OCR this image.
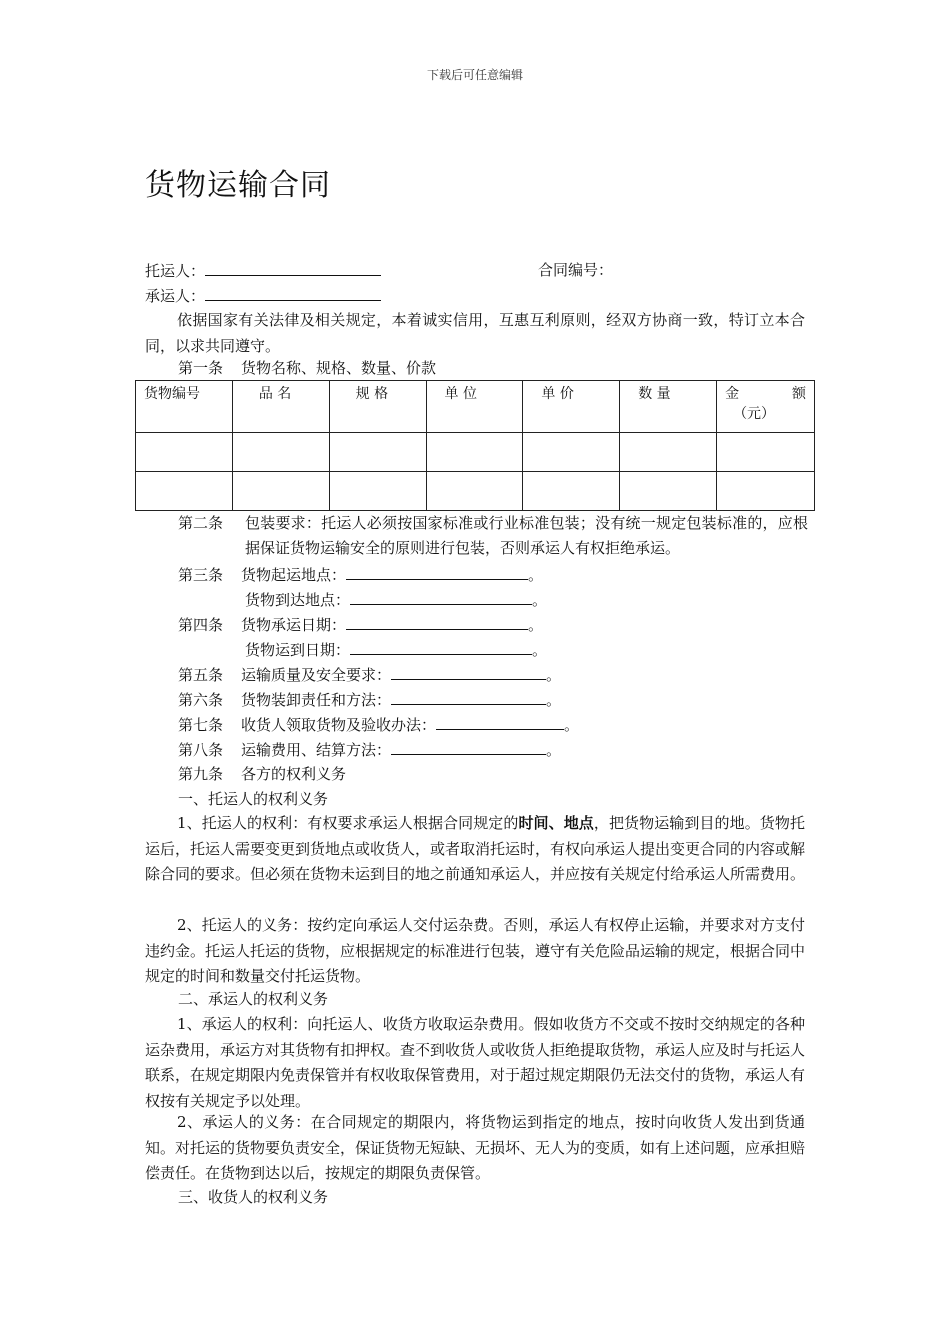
下载后可任意编辑
货物运输合同
托运人：	合同编号：
承运人：
依据国家有关法律及相关规定，本着诚实信用，互惠互利原则，经双方协商一致，特订立本合同，以求共同遵守。
第一条 货物名称、规格、数量、价款
货物编号	品 名	规 格	单 位	单 价	数 量	金 额
（元）

第二条 包装要求：托运人必须按国家标准或行业标准包装；没有统一规定包装标准的，应根据保证货物运输安全的原则进行包装，否则承运人有权拒绝承运。
第三条 货物起运地点：	。
货物到达地点：	。
第四条 货物承运日期：	。
货物运到日期：	。
第五条 运输质量及安全要求：	。
第六条 货物装卸责任和方法：	。
第七条 收货人领取货物及验收办法：	。
第八条 运输费用、结算方法：	。
第九条 各方的权利义务
一、托运人的权利义务
1、托运人的权利：有权要求承运人根据合同规定的时间、地点，把货物运输到目的地。货物托运后，托运人需要变更到货地点或收货人，或者取消托运时，有权向承运人提出变更合同的内容或解除合同的要求。但必须在货物未运到目的地之前通知承运人，并应按有关规定付给承运人所需费用。
2、托运人的义务：按约定向承运人交付运杂费。否则，承运人有权停止运输，并要求对方支付违约金。托运人托运的货物，应根据规定的标准进行包装，遵守有关危险品运输的规定，根据合同中规定的时间和数量交付托运货物。
二、承运人的权利义务
1、承运人的权利：向托运人、收货方收取运杂费用。假如收货方不交或不按时交纳规定的各种运杂费用，承运方对其货物有扣押权。查不到收货人或收货人拒绝提取货物，承运人应及时与托运人联系，在规定期限内免责保管并有权收取保管费用，对于超过规定期限仍无法交付的货物，承运人有权按有关规定予以处理。
2、承运人的义务：在合同规定的期限内，将货物运到指定的地点，按时向收货人发出到货通知。对托运的货物要负责安全，保证货物无短缺、无损坏、无人为的变质，如有上述问题，应承担赔偿责任。在货物到达以后，按规定的期限负责保管。
三、收货人的权利义务
